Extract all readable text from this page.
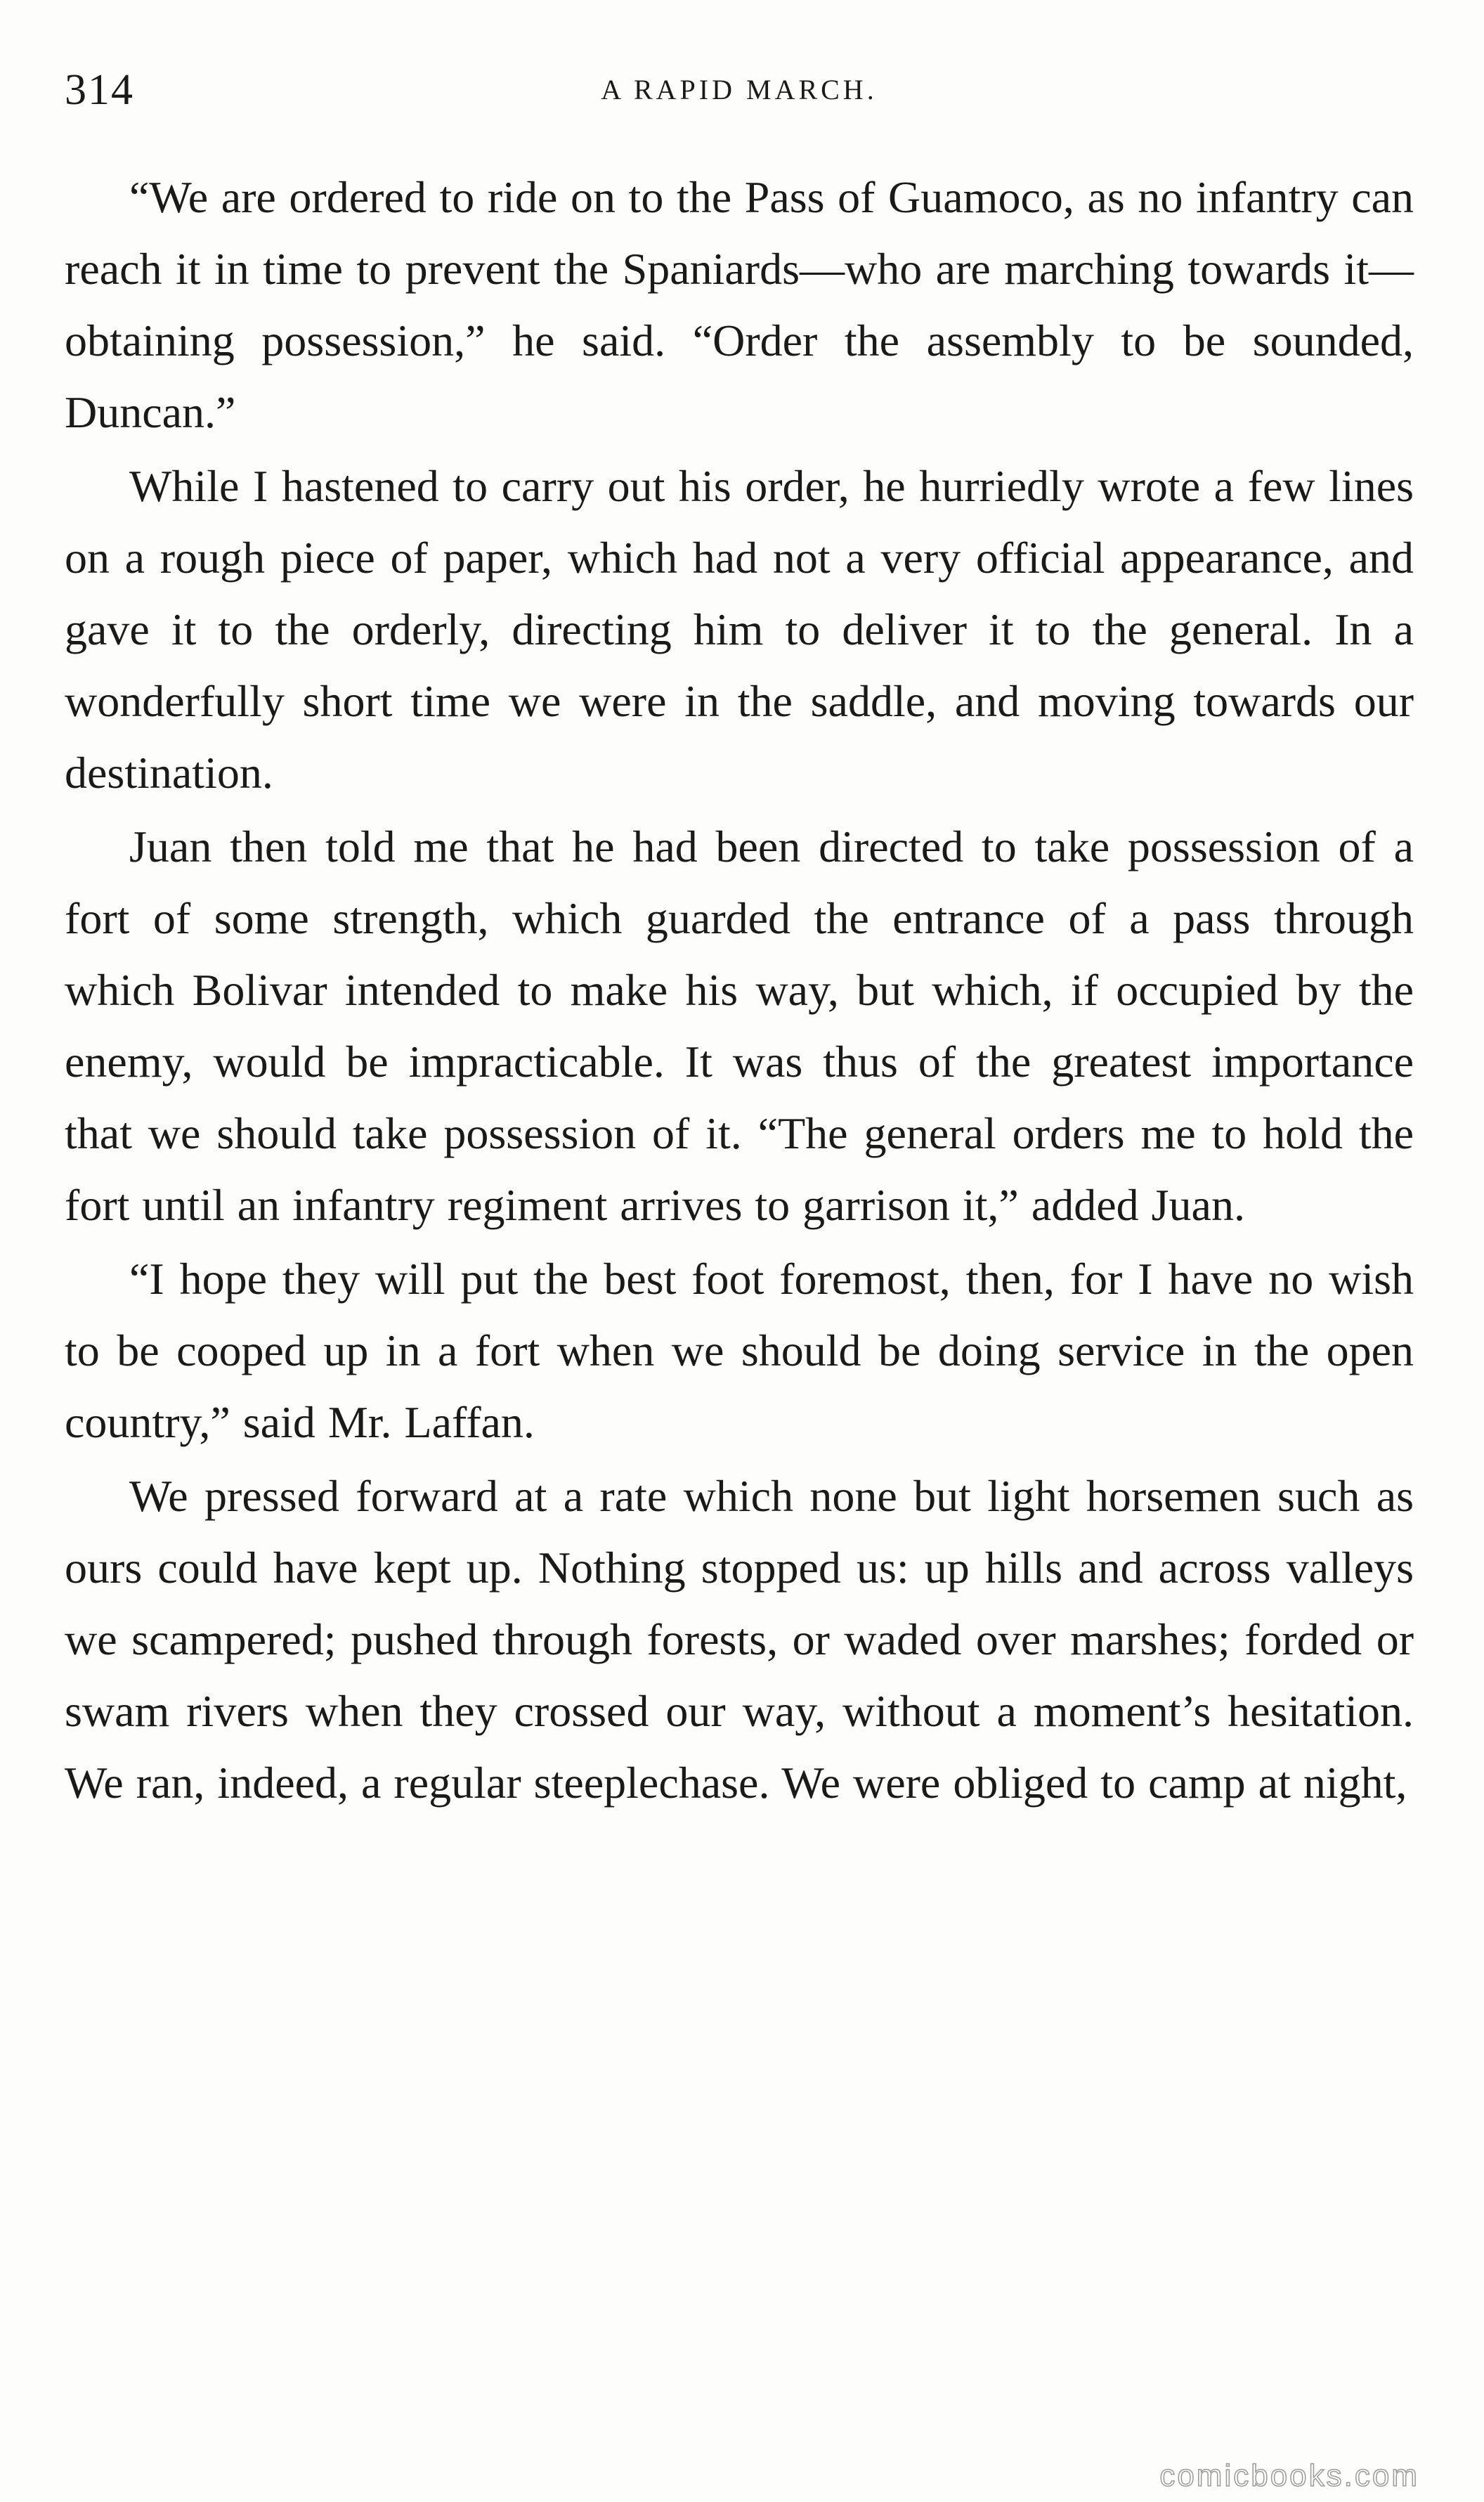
314	A RAPID MARCH.

“We are ordered to ride on to the Pass of Guamoco, as no infantry can reach it in time to prevent the Spaniards—who are marching towards it—obtaining possession,” he said. “Order the assembly to be sounded, Duncan.”

While I hastened to carry out his order, he hurriedly wrote a few lines on a rough piece of paper, which had not a very official appearance, and gave it to the orderly, directing him to deliver it to the general. In a wonderfully short time we were in the saddle, and moving towards our destination.

Juan then told me that he had been directed to take possession of a fort of some strength, which guarded the entrance of a pass through which Bolivar intended to make his way, but which, if occupied by the enemy, would be impracticable. It was thus of the greatest importance that we should take possession of it. “The general orders me to hold the fort until an infantry regiment arrives to garrison it,” added Juan.

“I hope they will put the best foot foremost, then, for I have no wish to be cooped up in a fort when we should be doing service in the open country,” said Mr. Laffan.

We pressed forward at a rate which none but light horsemen such as ours could have kept up. Nothing stopped us: up hills and across valleys we scampered; pushed through forests, or waded over marshes; forded or swam rivers when they crossed our way, without a moment’s hesitation. We ran, indeed, a regular steeplechase. We were obliged to camp at night,

comicbooks.com
